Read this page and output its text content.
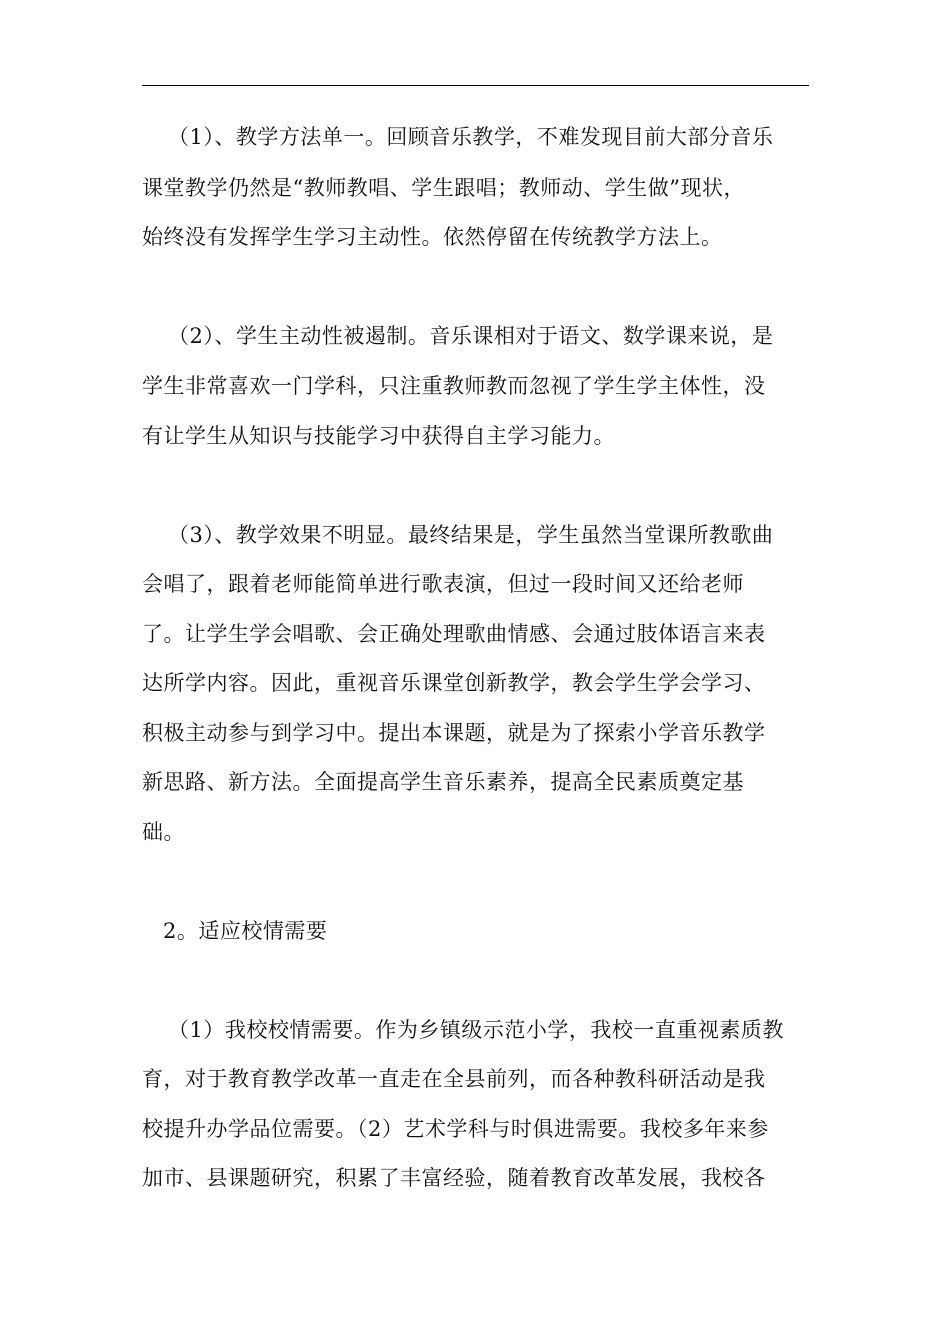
（1）、教学方法单一。回顾音乐教学，不难发现目前大部分音乐
课堂教学仍然是“教师教唱、学生跟唱；教师动、学生做”现状，
始终没有发挥学生学习主动性。依然停留在传统教学方法上。
（2）、学生主动性被遏制。音乐课相对于语文、数学课来说，是
学生非常喜欢一门学科，只注重教师教而忽视了学生学主体性，没
有让学生从知识与技能学习中获得自主学习能力。
（3）、教学效果不明显。最终结果是，学生虽然当堂课所教歌曲
会唱了，跟着老师能简单进行歌表演，但过一段时间又还给老师
了。让学生学会唱歌、会正确处理歌曲情感、会通过肢体语言来表
达所学内容。因此，重视音乐课堂创新教学，教会学生学会学习、
积极主动参与到学习中。提出本课题，就是为了探索小学音乐教学
新思路、新方法。全面提高学生音乐素养，提高全民素质奠定基
础。
2。适应校情需要
（1）我校校情需要。作为乡镇级示范小学，我校一直重视素质教
育，对于教育教学改革一直走在全县前列，而各种教科研活动是我
校提升办学品位需要。（2）艺术学科与时俱进需要。我校多年来参
加市、县课题研究，积累了丰富经验，随着教育改革发展，我校各
